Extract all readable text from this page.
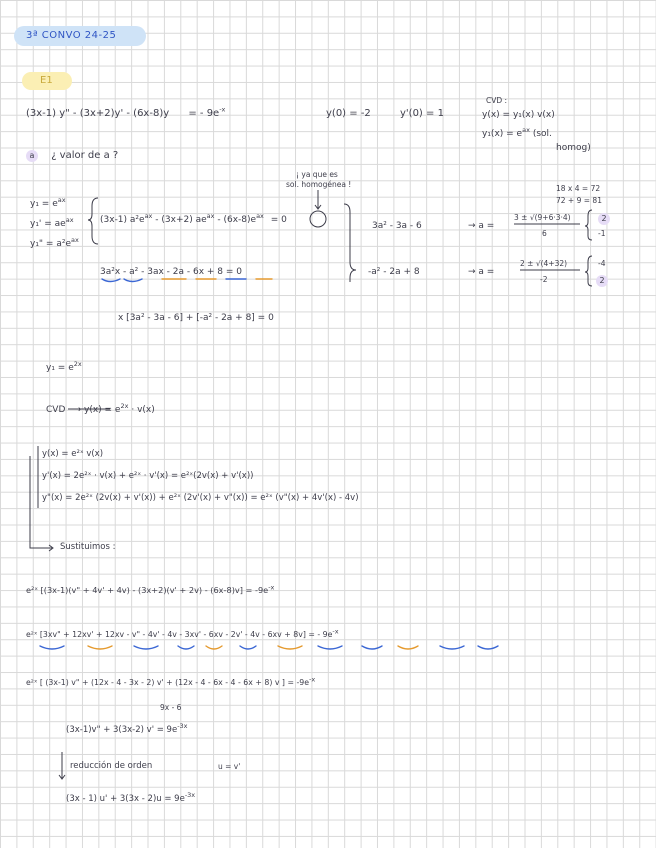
3ª CONVO 24-25
E1
(3x-1) y" - (3x+2)y' - (6x-8)y = - $9e^{-x}$	y(0) = -2	y'(0) = 1
CVD :
y(x) = y₁(x) v(x)
$y_1(x) = e^{ax}$ (sol.
homog)
a ¿ valor de a ?
¡ ya que es
sol. homogénea !	18 x 4 = 72
72 + 9 = 81
$y_1 = e^{ax}$
$y_1' = ae^{ax}$
y₁" = $a^2e^{ax}$
(3x-1) $a^2e^{ax} - (3x+2)$ $ae^{ax} - (6x-8)e^{ax} = 0$
3a²x - a² - 3ax - 2a - 6x + 8 = 0
x [3a² - 3a - 6] + [-a² - 2a + 8] = 0
3a² - 3a - 6	→ a =
3 ± √(9+6·3·4)
6
2
-1
-a² - 2a + 8	→ a =
2 ± √(4+32)
-2
-4
2
$y_1 = e^{2x}$
CVD ⟶ $y(x) = e^{2x} \cdot v(x)$
y(x) = e²ˣ v(x)
y'(x) = 2e²ˣ · v(x) + e²ˣ · v'(x) = e²ˣ(2v(x) + v'(x))
y"(x) = 2e²ˣ (2v(x) + v'(x)) + e²ˣ (2v'(x) + v"(x)) = e²ˣ (v"(x) + 4v'(x) - 4v)
Sustituimos :
e²ˣ [(3x-1)(v" + $4v' + 4v) - (3x+2)(v' + 2v) - (6x-8)v] = -9e^{-x}$
e²ˣ [3xv" + 12xv' + 12xv - v" - 4v' - 4v - 3xv' - 6xv - 2v' - 4v - 6xv + 8v] = - $9e^{-x}$
e²ˣ [ (3x-1) v" + (12x - 4 - 3x - 2) v' + (12x - 4 - 6x - 4 - 6x + 8) v ] = $-9e^{-x}$
9x - 6
(3x-1)v" + 3(3x-2) $v' = 9e^{-3x}$
reducción de orden	u = v'
(3x - 1) $u' + 3(3x - 2)u = 9e^{-3x}$
